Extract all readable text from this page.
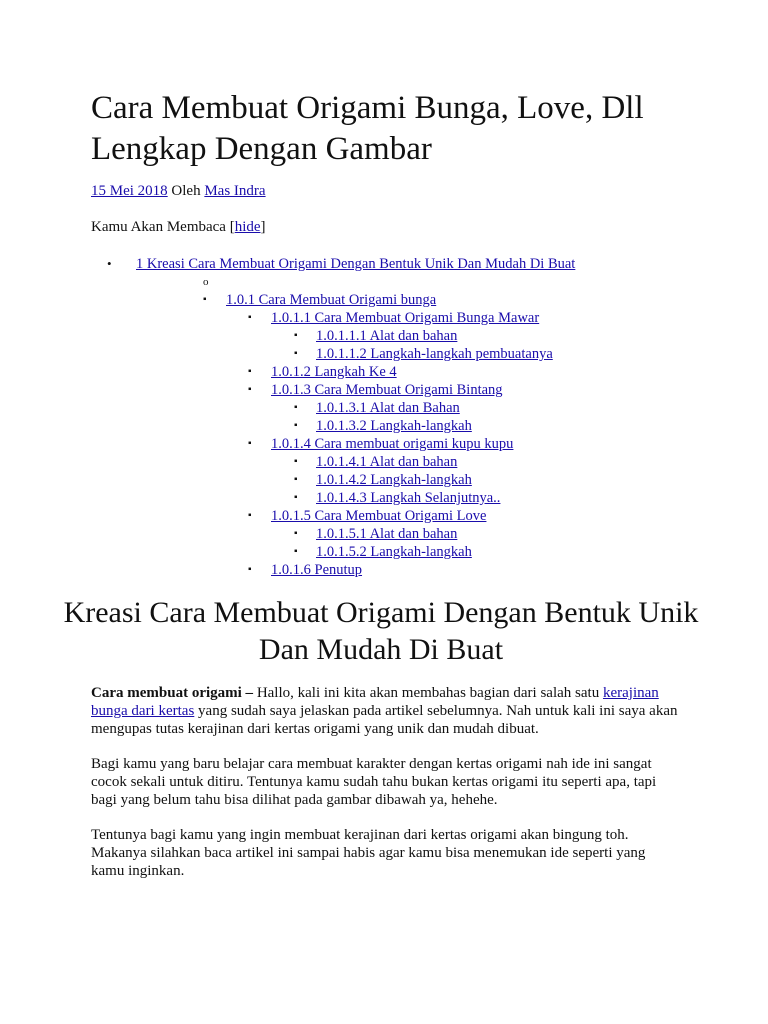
Cara Membuat Origami Bunga, Love, Dll Lengkap Dengan Gambar
15 Mei 2018 Oleh Mas Indra
Kamu Akan Membaca [hide]
• 1 Kreasi Cara Membuat Origami Dengan Bentuk Unik Dan Mudah Di Buat
o
▪ 1.0.1 Cara Membuat Origami bunga
▪ 1.0.1.1 Cara Membuat Origami Bunga Mawar
▪ 1.0.1.1.1 Alat dan bahan
▪ 1.0.1.1.2 Langkah-langkah pembuatanya
▪ 1.0.1.2 Langkah Ke 4
▪ 1.0.1.3 Cara Membuat Origami Bintang
▪ 1.0.1.3.1 Alat dan Bahan
▪ 1.0.1.3.2 Langkah-langkah
▪ 1.0.1.4 Cara membuat origami kupu kupu
▪ 1.0.1.4.1 Alat dan bahan
▪ 1.0.1.4.2 Langkah-langkah
▪ 1.0.1.4.3 Langkah Selanjutnya..
▪ 1.0.1.5 Cara Membuat Origami Love
▪ 1.0.1.5.1 Alat dan bahan
▪ 1.0.1.5.2 Langkah-langkah
▪ 1.0.1.6 Penutup
Kreasi Cara Membuat Origami Dengan Bentuk Unik Dan Mudah Di Buat

Cara membuat origami – Hallo, kali ini kita akan membahas bagian dari salah satu kerajinan bunga dari kertas yang sudah saya jelaskan pada artikel sebelumnya. Nah untuk kali ini saya akan mengupas tutas kerajinan dari kertas origami yang unik dan mudah dibuat.

Bagi kamu yang baru belajar cara membuat karakter dengan kertas origami nah ide ini sangat cocok sekali untuk ditiru. Tentunya kamu sudah tahu bukan kertas origami itu seperti apa, tapi bagi yang belum tahu bisa dilihat pada gambar dibawah ya, hehehe.

Tentunya bagi kamu yang ingin membuat kerajinan dari kertas origami akan bingung toh. Makanya silahkan baca artikel ini sampai habis agar kamu bisa menemukan ide seperti yang kamu inginkan.
